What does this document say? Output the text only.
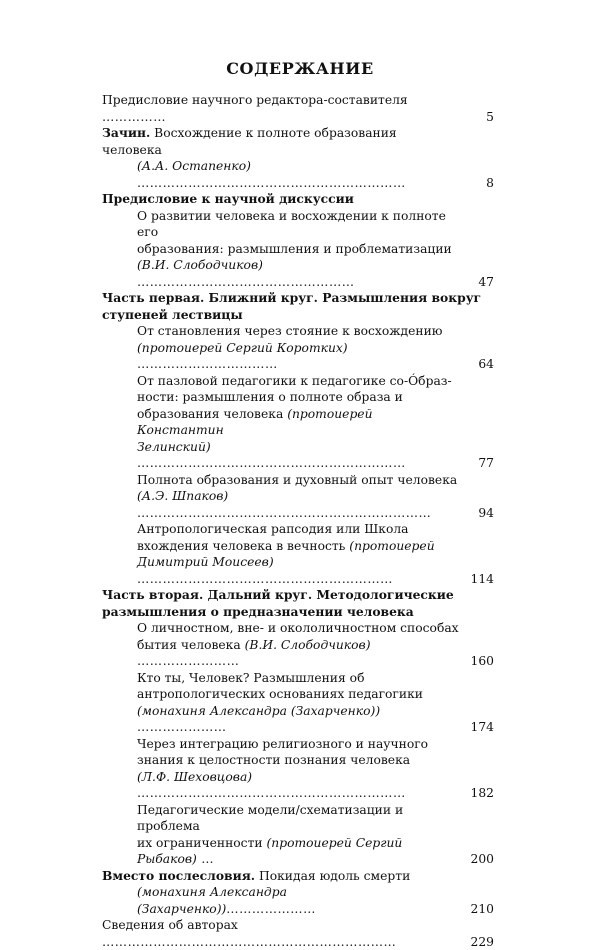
СОДЕРЖАНИЕ
Предисловие научного редактора-составителя ……………	5
Зачин. Восхождение к полноте образования человека
(А.А. Остапенко) ………………………………………………………	8
Предисловие к научной дискуссии
О развитии человека и восхождении к полноте его
образования: размышления и проблематизации
(В.И. Слободчиков) ……………………………………………	47
Часть первая. Ближний круг. Размышления вокруг
ступеней лествицы
От становления через стояние к восхождению
(протоиерей Сергий Коротких) ……………………………	64
От пазловой педагогики к педагогике со-Óбраз-
ности: размышления о полноте образа и
образования человека (протоиерей Константин
Зелинский) ………………………………………………………	77
Полнота образования и духовный опыт человека
(А.Э. Шпаков) ……………………………………………………………	94
Антропологическая рапсодия или Школа
вхождения человека в вечность (протоиерей
Димитрий Моисеев) ……………………………………………………	114
Часть вторая. Дальний круг. Методологические
размышления о предназначении человека
О личностном, вне- и окололичностном способах
бытия человека (В.И. Слободчиков) ……………………	160
Кто ты, Человек? Размышления об
антропологических основаниях педагогики
(монахиня Александра (Захарченко)) …………………	174
Через интеграцию религиозного и научного
знания к целостности познания человека
(Л.Ф. Шеховцова) ………………………………………………………	182
Педагогические модели/схематизации и проблема
их ограниченности (протоиерей Сергий Рыбаков) …	200
Вместо послесловия. Покидая юдоль смерти
(монахиня Александра (Захарченко))…………………	210
Сведения об авторах ……………………………………………………………	229
